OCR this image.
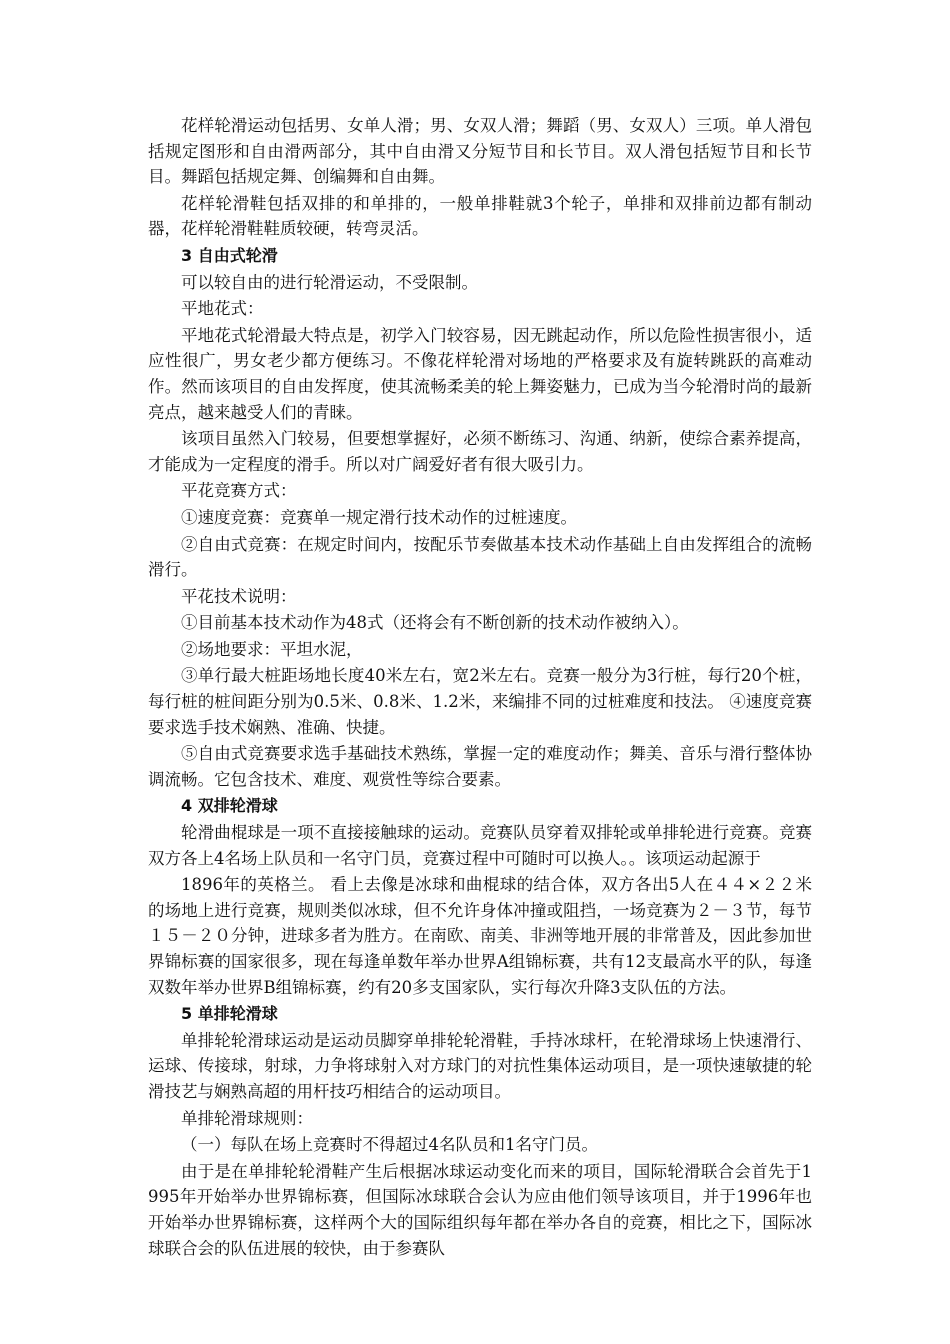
花样轮滑运动包括男、女单人滑；男、女双人滑；舞蹈（男、女双人）三项。单人滑包括规定图形和自由滑两部分，其中自由滑又分短节目和长节目。双人滑包括短节目和长节目。舞蹈包括规定舞、创编舞和自由舞。

花样轮滑鞋包括双排的和单排的，一般单排鞋就3个轮子，单排和双排前边都有制动器，花样轮滑鞋鞋质较硬，转弯灵活。

3 自由式轮滑

可以较自由的进行轮滑运动，不受限制。

平地花式：

平地花式轮滑最大特点是，初学入门较容易，因无跳起动作，所以危险性损害很小，适应性很广，男女老少都方便练习。不像花样轮滑对场地的严格要求及有旋转跳跃的高难动作。然而该项目的自由发挥度，使其流畅柔美的轮上舞姿魅力，已成为当今轮滑时尚的最新亮点，越来越受人们的青睐。

该项目虽然入门较易，但要想掌握好，必须不断练习、沟通、纳新，使综合素养提高，才能成为一定程度的滑手。所以对广阔爱好者有很大吸引力。

平花竞赛方式：

①速度竞赛：竞赛单一规定滑行技术动作的过桩速度。

②自由式竞赛：在规定时间内，按配乐节奏做基本技术动作基础上自由发挥组合的流畅滑行。

平花技术说明：

①目前基本技术动作为48式（还将会有不断创新的技术动作被纳入）。

②场地要求：平坦水泥，

③单行最大桩距场地长度40米左右，宽2米左右。竞赛一般分为3行桩，每行20个桩，每行桩的桩间距分别为0.5米、0.8米、1.2米，来编排不同的过桩难度和技法。 ④速度竞赛要求选手技术娴熟、准确、快捷。

⑤自由式竞赛要求选手基础技术熟练，掌握一定的难度动作；舞美、音乐与滑行整体协调流畅。它包含技术、难度、观赏性等综合要素。

4 双排轮滑球

轮滑曲棍球是一项不直接接触球的运动。竞赛队员穿着双排轮或单排轮进行竞赛。竞赛双方各上4名场上队员和一名守门员，竞赛过程中可随时可以换人。。该项运动起源于

1896年的英格兰。 看上去像是冰球和曲棍球的结合体，双方各出5人在４４×２２米的场地上进行竞赛，规则类似冰球，但不允许身体冲撞或阻挡，一场竞赛为２－３节，每节１５－２０分钟，进球多者为胜方。在南欧、南美、非洲等地开展的非常普及，因此参加世界锦标赛的国家很多，现在每逢单数年举办世界A组锦标赛，共有12支最高水平的队，每逢双数年举办世界B组锦标赛，约有20多支国家队，实行每次升降3支队伍的方法。

5 单排轮滑球

单排轮轮滑球运动是运动员脚穿单排轮轮滑鞋，手持冰球杆，在轮滑球场上快速滑行、运球、传接球，射球，力争将球射入对方球门的对抗性集体运动项目，是一项快速敏捷的轮滑技艺与娴熟高超的用杆技巧相结合的运动项目。

单排轮滑球规则：

（一）每队在场上竞赛时不得超过4名队员和1名守门员。

由于是在单排轮轮滑鞋产生后根据冰球运动变化而来的项目，国际轮滑联合会首先于1995年开始举办世界锦标赛，但国际冰球联合会认为应由他们领导该项目，并于1996年也开始举办世界锦标赛，这样两个大的国际组织每年都在举办各自的竞赛，相比之下，国际冰球联合会的队伍进展的较快，由于参赛队
